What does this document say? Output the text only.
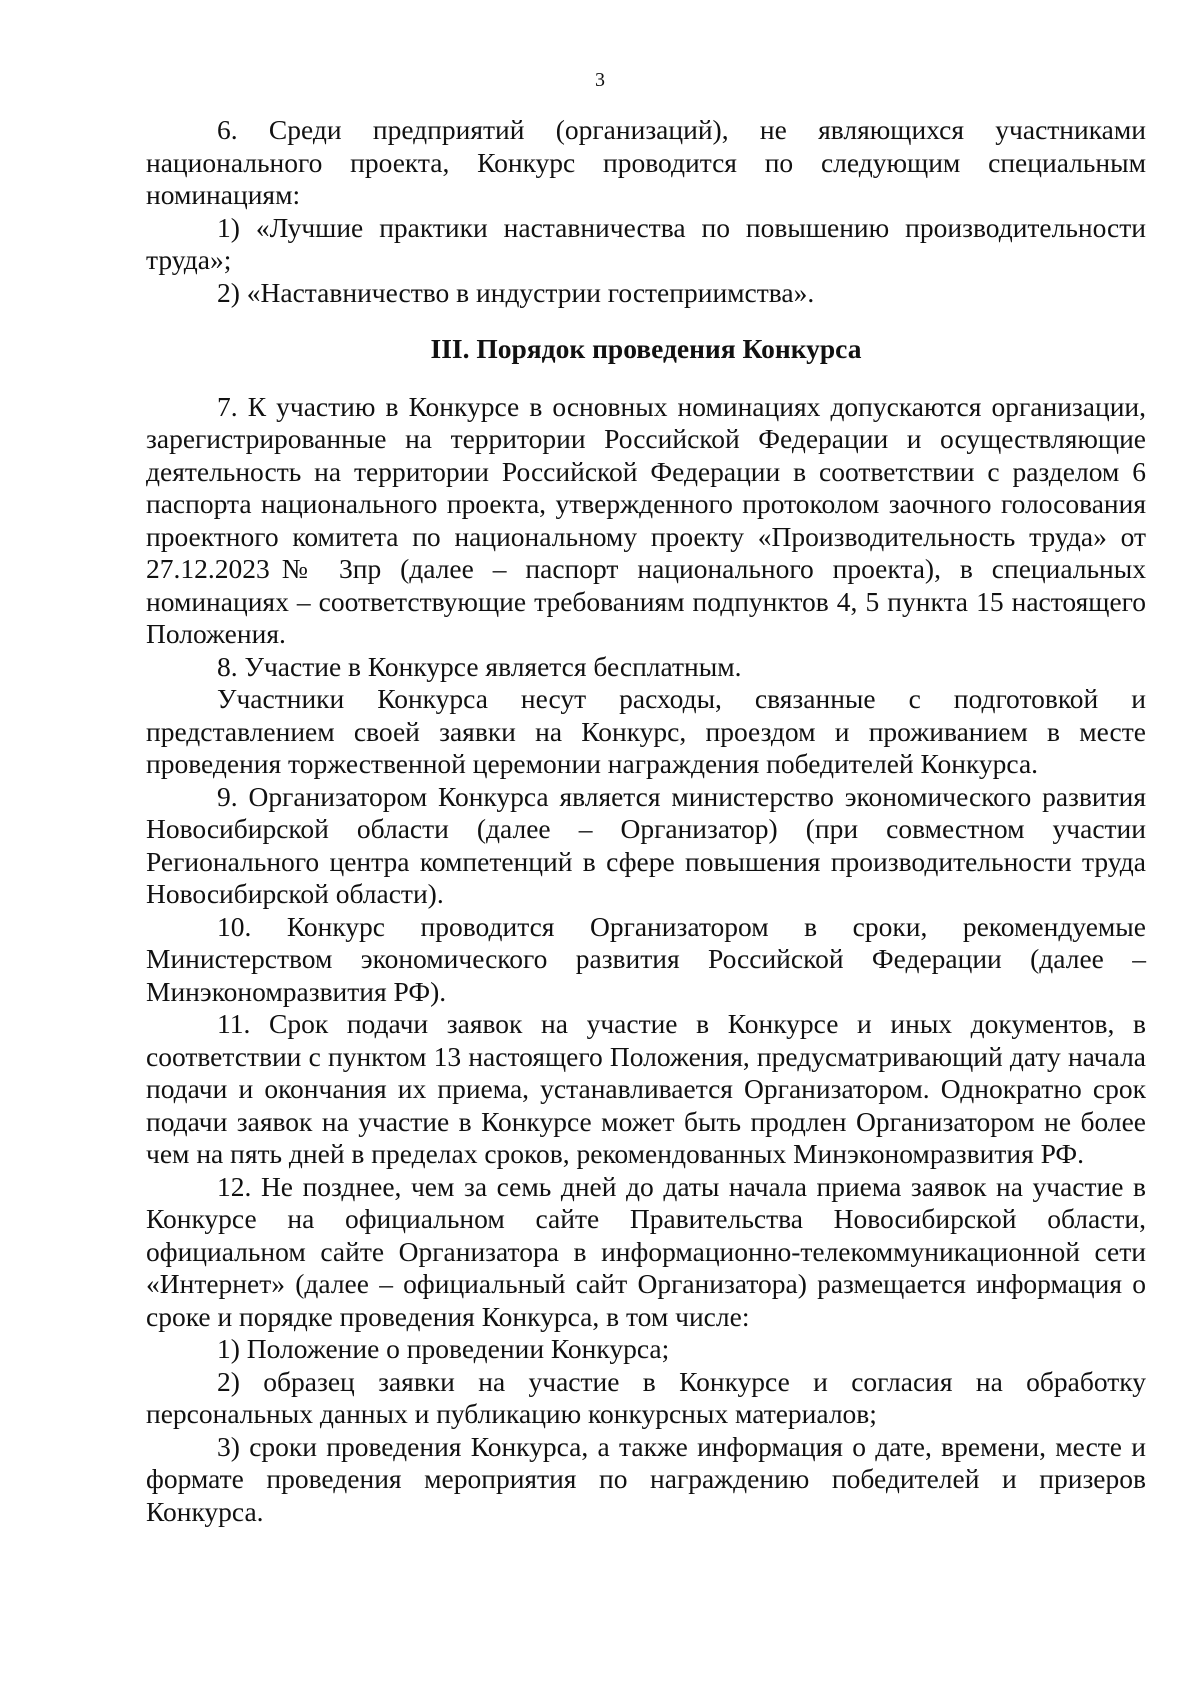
3

6. Среди предприятий (организаций), не являющихся участниками национального проекта, Конкурс проводится по следующим специальным номинациям:

1) «Лучшие практики наставничества по повышению производительности труда»;

2) «Наставничество в индустрии гостеприимства».

III. Порядок проведения Конкурса

7. К участию в Конкурсе в основных номинациях допускаются организации, зарегистрированные на территории Российской Федерации и осуществляющие деятельность на территории Российской Федерации в соответствии с разделом 6 паспорта национального проекта, утвержденного протоколом заочного голосования проектного комитета по национальному проекту «Производительность труда» от 27.12.2023№ 3пр (далее – паспорт национального проекта), в специальных номинациях – соответствующие требованиям подпунктов 4, 5 пункта 15 настоящего Положения.

8. Участие в Конкурсе является бесплатным.

Участники Конкурса несут расходы, связанные с подготовкой и представлением своей заявки на Конкурс, проездом и проживанием в месте проведения торжественной церемонии награждения победителей Конкурса.

9. Организатором Конкурса является министерство экономического развития Новосибирской области (далее – Организатор) (при совместном участии Регионального центра компетенций в сфере повышения производительности труда Новосибирской области).

10. Конкурс проводится Организатором в сроки, рекомендуемые Министерством экономического развития Российской Федерации (далее – Минэкономразвития РФ).

11. Срок подачи заявок на участие в Конкурсе и иных документов, в соответствии с пунктом 13 настоящего Положения, предусматривающий дату начала подачи и окончания их приема, устанавливается Организатором. Однократно срок подачи заявок на участие в Конкурсе может быть продлен Организатором не более чем на пять дней в пределах сроков, рекомендованных Минэкономразвития РФ.

12. Не позднее, чем за семь дней до даты начала приема заявок на участие в Конкурсе на официальном сайте Правительства Новосибирской области, официальном сайте Организатора в информационно-телекоммуникационной сети «Интернет» (далее – официальный сайт Организатора) размещается информация о сроке и порядке проведения Конкурса, в том числе:

1) Положение о проведении Конкурса;

2) образец заявки на участие в Конкурсе и согласия на обработку персональных данных и публикацию конкурсных материалов;

3) сроки проведения Конкурса, а также информация о дате, времени, месте и формате проведения мероприятия по награждению победителей и призеров Конкурса.
